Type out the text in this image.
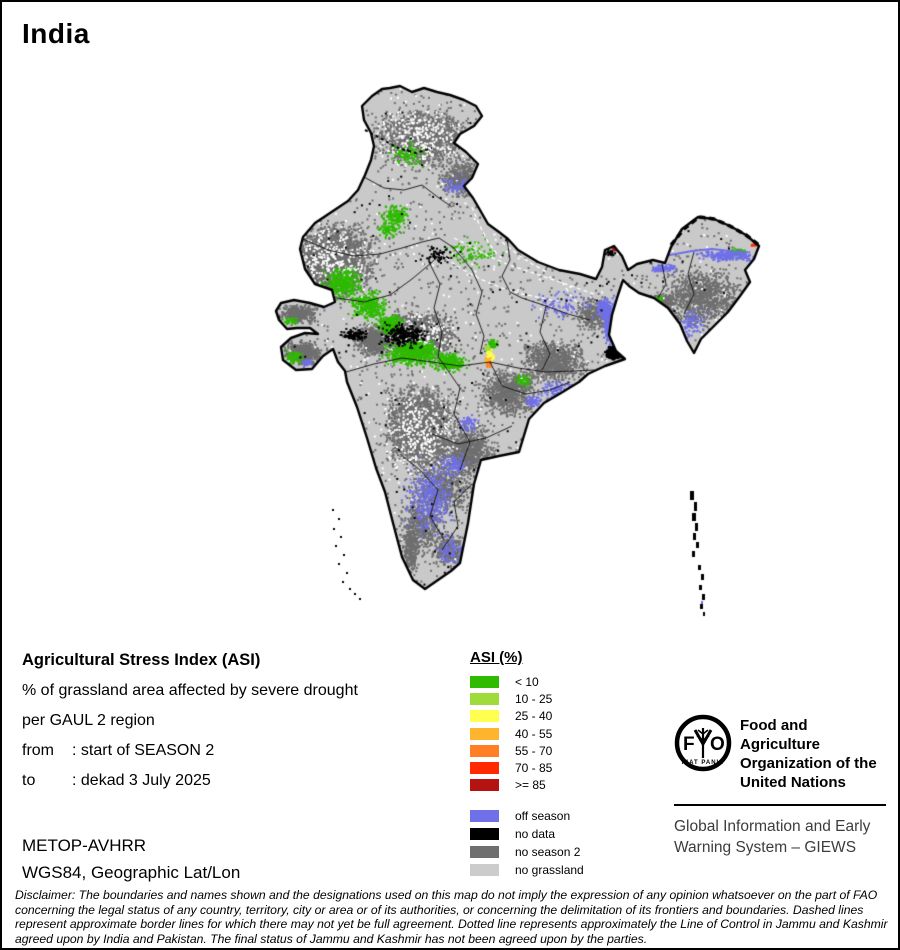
India

Agricultural Stress Index (ASI)

% of grassland area affected by severe drought

per GAUL 2 region

from	: start of SEASON 2
to	: dekad 3 July 2025
METOP-AVHRR
WGS84, Geographic Lat/Lon
ASI (%)
< 10
10 - 25
25 - 40
40 - 55
55 - 70
70 - 85
>= 85
off season
no data
no season 2
no grassland
F O
FIAT PANIS
Food and Agriculture
Organization of the
United Nations
Global Information and Early Warning System – GIEWS
Disclaimer: The boundaries and names shown and the designations used on this map do not imply the expression of any opinion whatsoever on the part of FAO concerning the legal status of any country, territory, city or area or of its authorities, or concerning the delimitation of its frontiers and boundaries. Dashed lines represent approximate border lines for which there may not yet be full agreement. Dotted line represents approximately the Line of Control in Jammu and Kashmir agreed upon by India and Pakistan. The final status of Jammu and Kashmir has not been agreed upon by the parties.
